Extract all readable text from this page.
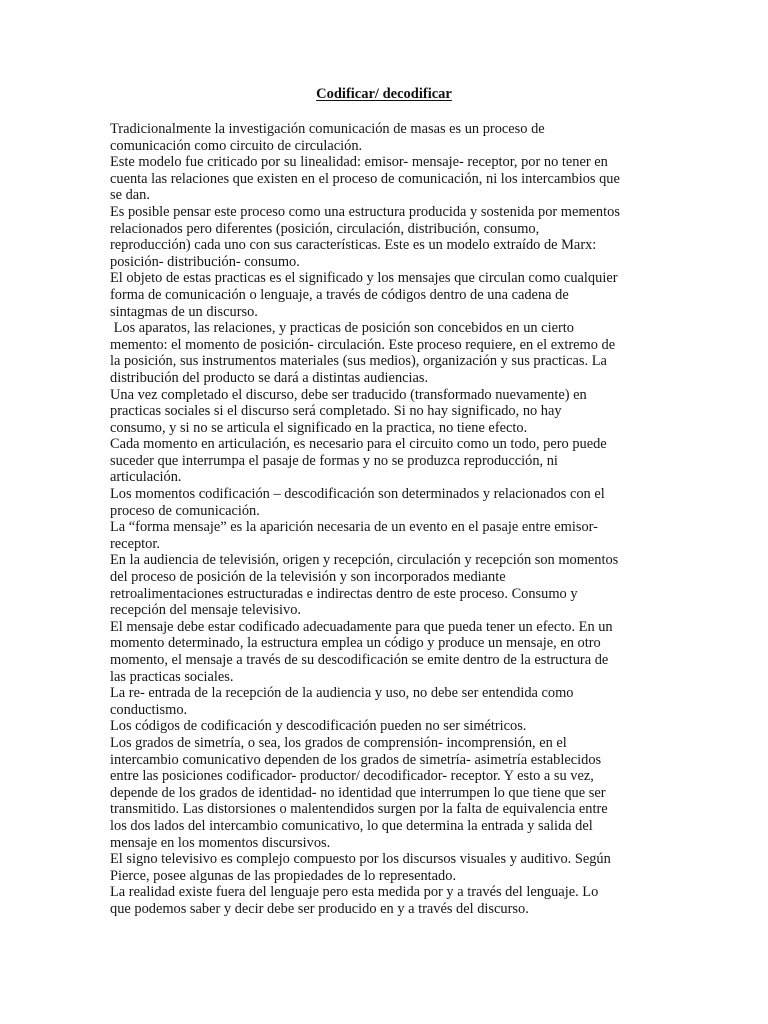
Codificar/ decodificar

Tradicionalmente la investigación comunicación de masas es un proceso de
comunicación como circuito de circulación.

Este modelo fue criticado por su linealidad: emisor- mensaje- receptor, por no tener en
cuenta las relaciones que existen en el proceso de comunicación, ni los intercambios que
se dan.

Es posible pensar este proceso como una estructura producida y sostenida por mementos
relacionados pero diferentes (posición, circulación, distribución, consumo,
reproducción) cada uno con sus características. Este es un modelo extraído de Marx:
posición- distribución- consumo.

El objeto de estas practicas es el significado y los mensajes que circulan como cualquier
forma de comunicación o lenguaje, a través de códigos dentro de una cadena de
sintagmas de un discurso.

Los aparatos, las relaciones, y practicas de posición son concebidos en un cierto
memento: el momento de posición- circulación. Este proceso requiere, en el extremo de
la posición, sus instrumentos materiales (sus medios), organización y sus practicas. La
distribución del producto se dará a distintas audiencias.

Una vez completado el discurso, debe ser traducido (transformado nuevamente) en
practicas sociales si el discurso será completado. Si no hay significado, no hay
consumo, y si no se articula el significado en la practica, no tiene efecto.

Cada momento en articulación, es necesario para el circuito como un todo, pero puede
suceder que interrumpa el pasaje de formas y no se produzca reproducción, ni
articulación.

Los momentos codificación – descodificación son determinados y relacionados con el
proceso de comunicación.

La “forma mensaje” es la aparición necesaria de un evento en el pasaje entre emisor-
receptor.

En la audiencia de televisión, origen y recepción, circulación y recepción son momentos
del proceso de posición de la televisión y son incorporados mediante
retroalimentaciones estructuradas e indirectas dentro de este proceso. Consumo y
recepción del mensaje televisivo.

El mensaje debe estar codificado adecuadamente para que pueda tener un efecto. En un
momento determinado, la estructura emplea un código y produce un mensaje, en otro
momento, el mensaje a través de su descodificación se emite dentro de la estructura de
las practicas sociales.

La re- entrada de la recepción de la audiencia y uso, no debe ser entendida como
conductismo.

Los códigos de codificación y descodificación pueden no ser simétricos.

Los grados de simetría, o sea, los grados de comprensión- incomprensión, en el
intercambio comunicativo dependen de los grados de simetría- asimetría establecidos
entre las posiciones codificador- productor/ decodificador- receptor. Y esto a su vez,
depende de los grados de identidad- no identidad que interrumpen lo que tiene que ser
transmitido. Las distorsiones o malentendidos surgen por la falta de equivalencia entre
los dos lados del intercambio comunicativo, lo que determina la entrada y salida del
mensaje en los momentos discursivos.

El signo televisivo es complejo compuesto por los discursos visuales y auditivo. Según
Pierce, posee algunas de las propiedades de lo representado.

La realidad existe fuera del lenguaje pero esta medida por y a través del lenguaje. Lo
que podemos saber y decir debe ser producido en y a través del discurso.
